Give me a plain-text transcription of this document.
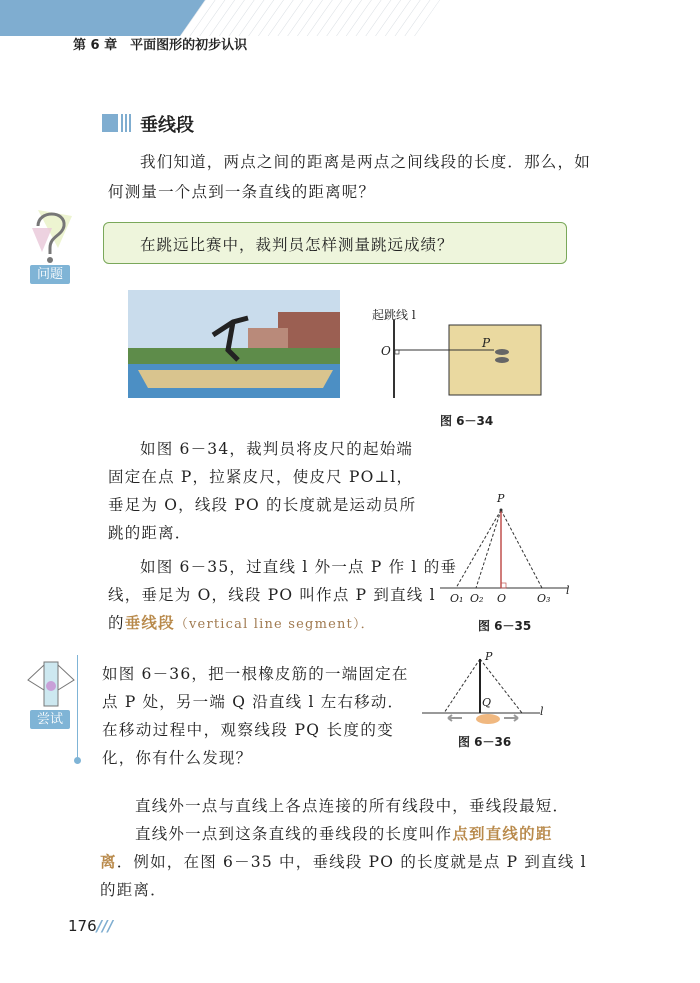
第 6 章　平面图形的初步认识
垂线段
我们知道，两点之间的距离是两点之间线段的长度．那么，如
何测量一个点到一条直线的距离呢？
问题
在跳远比赛中，裁判员怎样测量跳远成绩？
起跳线 l
O
P
图 6－34
如图 6－34，裁判员将皮尺的起始端
固定在点 P，拉紧皮尺，使皮尺 PO⊥l，
垂足为 O，线段 PO 的长度就是运动员所
跳的距离．
如图 6－35，过直线 l 外一点 P 作 l 的垂
线，垂足为 O，线段 PO 叫作点 P 到直线 l
的垂线段（vertical line segment）．
P
O₁ O₂ O	O₃
l
图 6－35
尝试
如图 6－36，把一根橡皮筋的一端固定在
点 P 处，另一端 Q 沿直线 l 左右移动．
在移动过程中，观察线段 PQ 长度的变
化，你有什么发现？
P
Q
l
图 6－36
直线外一点与直线上各点连接的所有线段中，垂线段最短．
直线外一点到这条直线的垂线段的长度叫作点到直线的距
离．例如，在图 6－35 中，垂线段 PO 的长度就是点 P 到直线 l
的距离．
176///
